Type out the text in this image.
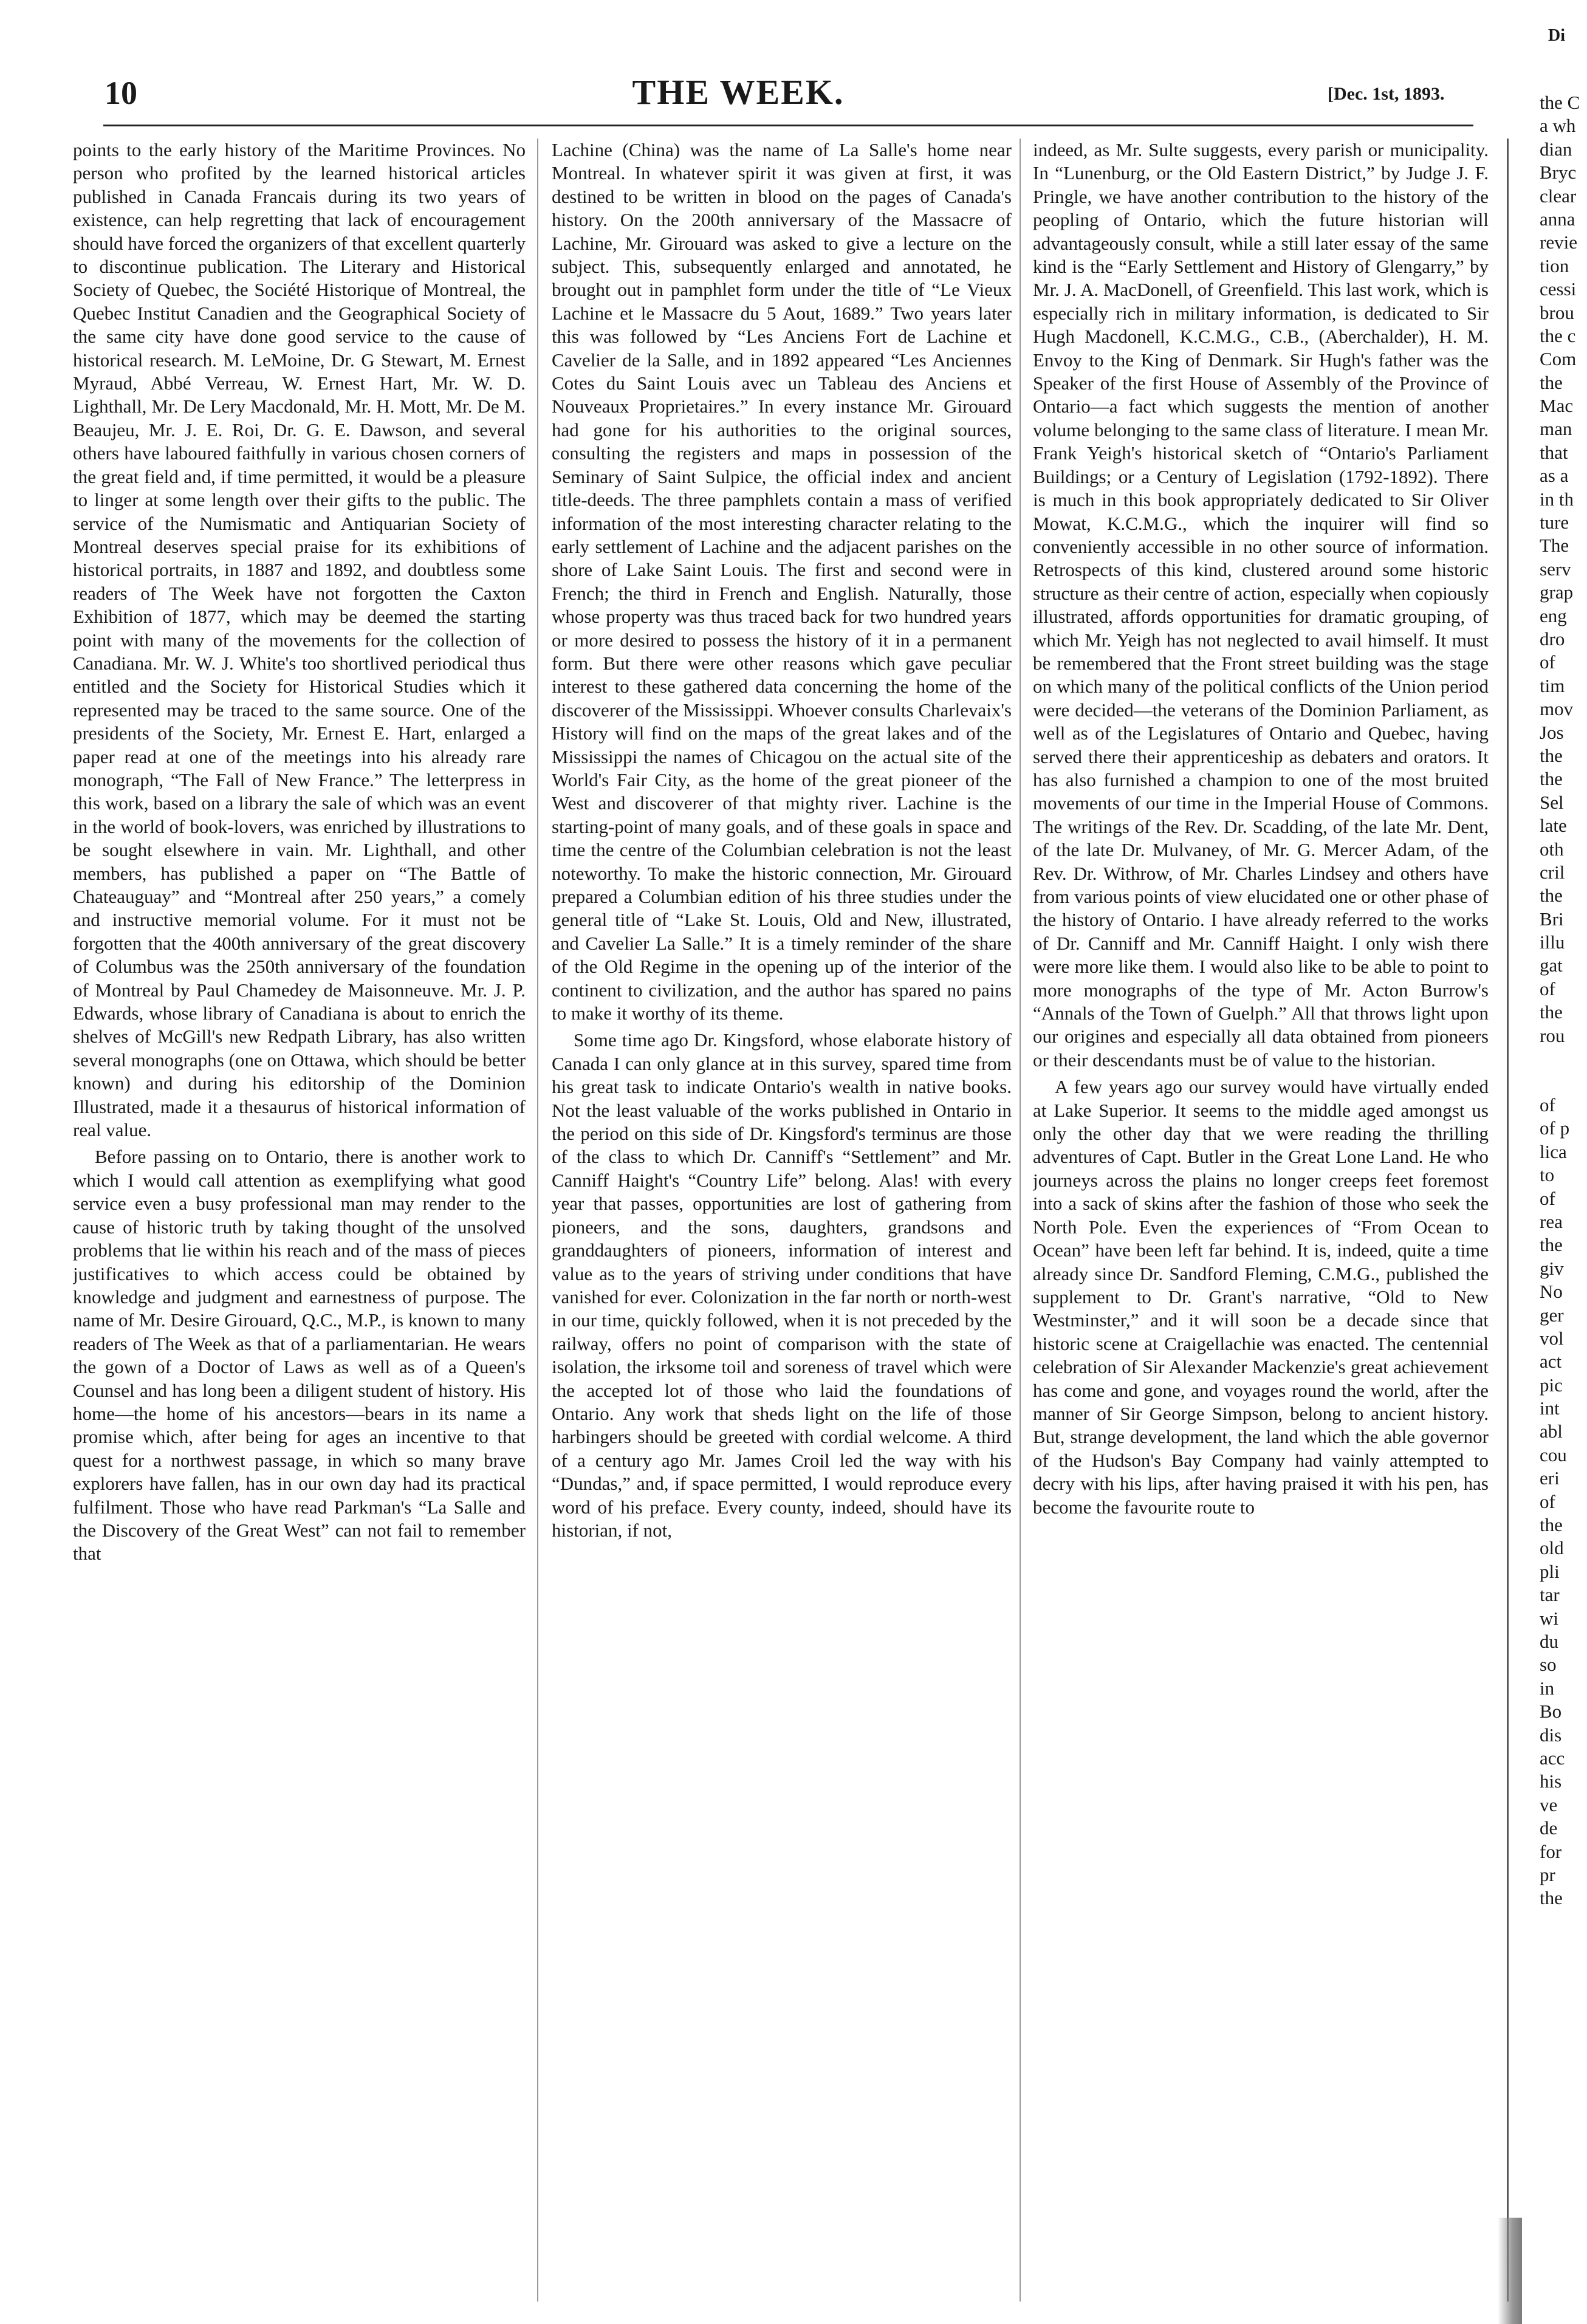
10	THE WEEK.	[Dec. 1st, 1893.

points to the early history of the Maritime Provinces. No person who profited by the learned historical articles published in Canada Francais during its two years of existence, can help regretting that lack of encouragement should have forced the organizers of that excellent quarterly to discontinue publication. The Literary and Historical Society of Quebec, the Société Historique of Montreal, the Quebec Institut Canadien and the Geographical Society of the same city have done good service to the cause of historical research. M. LeMoine, Dr. G Stewart, M. Ernest Myraud, Abbé Verreau, W. Ernest Hart, Mr. W. D. Lighthall, Mr. De Lery Macdonald, Mr. H. Mott, Mr. De M. Beaujeu, Mr. J. E. Roi, Dr. G. E. Dawson, and several others have laboured faithfully in various chosen corners of the great field and, if time permitted, it would be a pleasure to linger at some length over their gifts to the public. The service of the Numismatic and Antiquarian Society of Montreal deserves special praise for its exhibitions of historical portraits, in 1887 and 1892, and doubtless some readers of The Week have not forgotten the Caxton Exhibition of 1877, which may be deemed the starting point with many of the movements for the collection of Canadiana. Mr. W. J. White's too shortlived periodical thus entitled and the Society for Historical Studies which it represented may be traced to the same source. One of the presidents of the Society, Mr. Ernest E. Hart, enlarged a paper read at one of the meetings into his already rare monograph, “The Fall of New France.” The letterpress in this work, based on a library the sale of which was an event in the world of book-lovers, was enriched by illustrations to be sought elsewhere in vain. Mr. Lighthall, and other members, has published a paper on “The Battle of Chateauguay” and “Montreal after 250 years,” a comely and instructive memorial volume. For it must not be forgotten that the 400th anniversary of the great discovery of Columbus was the 250th anniversary of the foundation of Montreal by Paul Chamedey de Maisonneuve. Mr. J. P. Edwards, whose library of Canadiana is about to enrich the shelves of McGill's new Redpath Library, has also written several monographs (one on Ottawa, which should be better known) and during his editorship of the Dominion Illustrated, made it a thesaurus of historical information of real value.

Before passing on to Ontario, there is another work to which I would call attention as exemplifying what good service even a busy professional man may render to the cause of historic truth by taking thought of the unsolved problems that lie within his reach and of the mass of pieces justificatives to which access could be obtained by knowledge and judgment and earnestness of purpose. The name of Mr. Desire Girouard, Q.C., M.P., is known to many readers of The Week as that of a parliamentarian. He wears the gown of a Doctor of Laws as well as of a Queen's Counsel and has long been a diligent student of history. His home—the home of his ancestors—bears in its name a promise which, after being for ages an incentive to that quest for a northwest passage, in which so many brave explorers have fallen, has in our own day had its practical fulfilment. Those who have read Parkman's “La Salle and the Discovery of the Great West” can not fail to remember that

Lachine (China) was the name of La Salle's home near Montreal. In whatever spirit it was given at first, it was destined to be written in blood on the pages of Canada's history. On the 200th anniversary of the Massacre of Lachine, Mr. Girouard was asked to give a lecture on the subject. This, subsequently enlarged and annotated, he brought out in pamphlet form under the title of “Le Vieux Lachine et le Massacre du 5 Aout, 1689.” Two years later this was followed by “Les Anciens Fort de Lachine et Cavelier de la Salle, and in 1892 appeared “Les Anciennes Cotes du Saint Louis avec un Tableau des Anciens et Nouveaux Proprietaires.” In every instance Mr. Girouard had gone for his authorities to the original sources, consulting the registers and maps in possession of the Seminary of Saint Sulpice, the official index and ancient title-deeds. The three pamphlets contain a mass of verified information of the most interesting character relating to the early settlement of Lachine and the adjacent parishes on the shore of Lake Saint Louis. The first and second were in French; the third in French and English. Naturally, those whose property was thus traced back for two hundred years or more desired to possess the history of it in a permanent form. But there were other reasons which gave peculiar interest to these gathered data concerning the home of the discoverer of the Mississippi. Whoever consults Charlevaix's History will find on the maps of the great lakes and of the Mississippi the names of Chicagou on the actual site of the World's Fair City, as the home of the great pioneer of the West and discoverer of that mighty river. Lachine is the starting-point of many goals, and of these goals in space and time the centre of the Columbian celebration is not the least noteworthy. To make the historic connection, Mr. Girouard prepared a Columbian edition of his three studies under the general title of “Lake St. Louis, Old and New, illustrated, and Cavelier La Salle.” It is a timely reminder of the share of the Old Regime in the opening up of the interior of the continent to civilization, and the author has spared no pains to make it worthy of its theme.

Some time ago Dr. Kingsford, whose elaborate history of Canada I can only glance at in this survey, spared time from his great task to indicate Ontario's wealth in native books. Not the least valuable of the works published in Ontario in the period on this side of Dr. Kingsford's terminus are those of the class to which Dr. Canniff's “Settlement” and Mr. Canniff Haight's “Country Life” belong. Alas! with every year that passes, opportunities are lost of gathering from pioneers, and the sons, daughters, grandsons and granddaughters of pioneers, information of interest and value as to the years of striving under conditions that have vanished for ever. Colonization in the far north or north-west in our time, quickly followed, when it is not preceded by the railway, offers no point of comparison with the state of isolation, the irksome toil and soreness of travel which were the accepted lot of those who laid the foundations of Ontario. Any work that sheds light on the life of those harbingers should be greeted with cordial welcome. A third of a century ago Mr. James Croil led the way with his “Dundas,” and, if space permitted, I would reproduce every word of his preface. Every county, indeed, should have its historian, if not,

indeed, as Mr. Sulte suggests, every parish or municipality. In “Lunenburg, or the Old Eastern District,” by Judge J. F. Pringle, we have another contribution to the history of the peopling of Ontario, which the future historian will advantageously consult, while a still later essay of the same kind is the “Early Settlement and History of Glengarry,” by Mr. J. A. MacDonell, of Greenfield. This last work, which is especially rich in military information, is dedicated to Sir Hugh Macdonell, K.C.M.G., C.B., (Aberchalder), H. M. Envoy to the King of Denmark. Sir Hugh's father was the Speaker of the first House of Assembly of the Province of Ontario—a fact which suggests the mention of another volume belonging to the same class of literature. I mean Mr. Frank Yeigh's historical sketch of “Ontario's Parliament Buildings; or a Century of Legislation (1792-1892). There is much in this book appropriately dedicated to Sir Oliver Mowat, K.C.M.G., which the inquirer will find so conveniently accessible in no other source of information. Retrospects of this kind, clustered around some historic structure as their centre of action, especially when copiously illustrated, affords opportunities for dramatic grouping, of which Mr. Yeigh has not neglected to avail himself. It must be remembered that the Front street building was the stage on which many of the political conflicts of the Union period were decided—the veterans of the Dominion Parliament, as well as of the Legislatures of Ontario and Quebec, having served there their apprenticeship as debaters and orators. It has also furnished a champion to one of the most bruited movements of our time in the Imperial House of Commons. The writings of the Rev. Dr. Scadding, of the late Mr. Dent, of the late Dr. Mulvaney, of Mr. G. Mercer Adam, of the Rev. Dr. Withrow, of Mr. Charles Lindsey and others have from various points of view elucidated one or other phase of the history of Ontario. I have already referred to the works of Dr. Canniff and Mr. Canniff Haight. I only wish there were more like them. I would also like to be able to point to more monographs of the type of Mr. Acton Burrow's “Annals of the Town of Guelph.” All that throws light upon our origines and especially all data obtained from pioneers or their descendants must be of value to the historian.

A few years ago our survey would have virtually ended at Lake Superior. It seems to the middle aged amongst us only the other day that we were reading the thrilling adventures of Capt. Butler in the Great Lone Land. He who journeys across the plains no longer creeps feet foremost into a sack of skins after the fashion of those who seek the North Pole. Even the experiences of “From Ocean to Ocean” have been left far behind. It is, indeed, quite a time already since Dr. Sandford Fleming, C.M.G., published the supplement to Dr. Grant's narrative, “Old to New Westminster,” and it will soon be a decade since that historic scene at Craigellachie was enacted. The centennial celebration of Sir Alexander Mackenzie's great achievement has come and gone, and voyages round the world, after the manner of Sir George Simpson, belong to ancient history. But, strange development, the land which the able governor of the Hudson's Bay Company had vainly attempted to decry with his lips, after having praised it with his pen, has become the favourite route to

Di
the C
a wh
dian
Bryc
clear
anna
revie
tion
cessi
brou
the c
Com
the
Mac
man
that
as a
in th
ture
The
serv
grap
eng
dro
of
tim
mov
Jos
the
the
Sel
late
oth
cril
the
Bri
illu
gat
of
the
rou
of
of p
lica
to
of
rea
the
giv
No
ger
vol
act
pic
int
abl
cou
eri
of
the
old
pli
tar
wi
du
so
in
Bo
dis
acc
his
ve
de
for
pr
the
